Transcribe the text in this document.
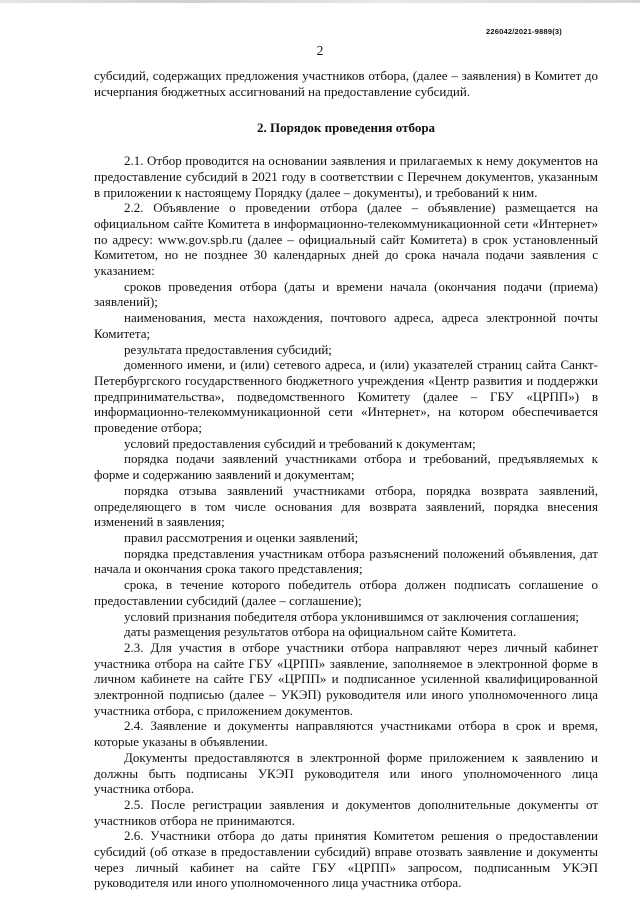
226042/2021-9889(3)
2

субсидий, содержащих предложения участников отбора, (далее – заявления) в Комитет до исчерпания бюджетных ассигнований на предоставление субсидий.

2. Порядок проведения отбора

2.1. Отбор проводится на основании заявления и прилагаемых к нему документов на предоставление субсидий в 2021 году в соответствии с Перечнем документов, указанным в приложении к настоящему Порядку (далее – документы), и требований к ним.

2.2. Объявление о проведении отбора (далее – объявление) размещается на официальном сайте Комитета в информационно-телекоммуникационной сети «Интернет» по адресу: www.gov.spb.ru (далее – официальный сайт Комитета) в срок установленный Комитетом, но не позднее 30 календарных дней до срока начала подачи заявления с указанием:

сроков проведения отбора (даты и времени начала (окончания подачи (приема) заявлений);

наименования, места нахождения, почтового адреса, адреса электронной почты Комитета;

результата предоставления субсидий;

доменного имени, и (или) сетевого адреса, и (или) указателей страниц сайта Санкт-Петербургского государственного бюджетного учреждения «Центр развития и поддержки предпринимательства», подведомственного Комитету (далее – ГБУ «ЦРПП») в информационно-телекоммуникационной сети «Интернет», на котором обеспечивается проведение отбора;

условий предоставления субсидий и требований к документам;

порядка подачи заявлений участниками отбора и требований, предъявляемых к форме и содержанию заявлений и документам;

порядка отзыва заявлений участниками отбора, порядка возврата заявлений, определяющего в том числе основания для возврата заявлений, порядка внесения изменений в заявления;

правил рассмотрения и оценки заявлений;

порядка представления участникам отбора разъяснений положений объявления, дат начала и окончания срока такого представления;

срока, в течение которого победитель отбора должен подписать соглашение о предоставлении субсидий (далее – соглашение);

условий признания победителя отбора уклонившимся от заключения соглашения;

даты размещения результатов отбора на официальном сайте Комитета.

2.3. Для участия в отборе участники отбора направляют через личный кабинет участника отбора на сайте ГБУ «ЦРПП» заявление, заполняемое в электронной форме в личном кабинете на сайте ГБУ «ЦРПП» и подписанное усиленной квалифицированной электронной подписью (далее – УКЭП) руководителя или иного уполномоченного лица участника отбора, с приложением документов.

2.4. Заявление и документы направляются участниками отбора в срок и время, которые указаны в объявлении.

Документы предоставляются в электронной форме приложением к заявлению и должны быть подписаны УКЭП руководителя или иного уполномоченного лица участника отбора.

2.5. После регистрации заявления и документов дополнительные документы от участников отбора не принимаются.

2.6. Участники отбора до даты принятия Комитетом решения о предоставлении субсидий (об отказе в предоставлении субсидий) вправе отозвать заявление и документы через личный кабинет на сайте ГБУ «ЦРПП» запросом, подписанным УКЭП руководителя или иного уполномоченного лица участника отбора.
